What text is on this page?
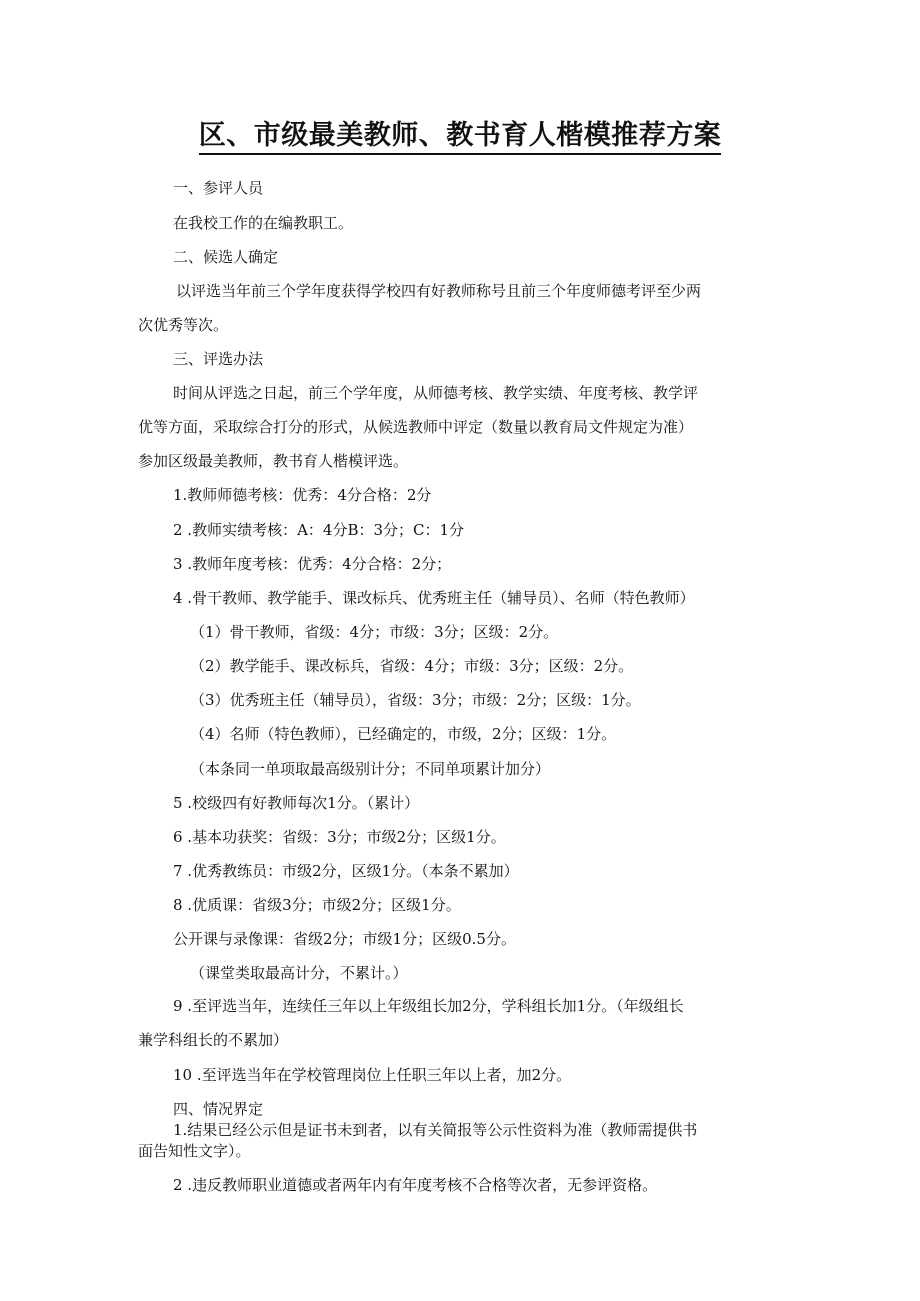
区、市级最美教师、教书育人楷模推荐方案
一、参评人员
在我校工作的在编教职工。
二、候选人确定
以评选当年前三个学年度获得学校四有好教师称号且前三个年度师德考评至少两
次优秀等次。
三、评选办法
时间从评选之日起，前三个学年度，从师德考核、教学实绩、年度考核、教学评
优等方面，采取综合打分的形式，从候选教师中评定（数量以教育局文件规定为准）
参加区级最美教师，教书育人楷模评选。
1.教师师德考核：优秀：4分合格：2分
2 .教师实绩考核：A：4分B：3分；C：1分
3 .教师年度考核：优秀：4分合格：2分；
4 .骨干教师、教学能手、课改标兵、优秀班主任（辅导员）、名师（特色教师）
（1）骨干教师，省级：4分；市级：3分；区级：2分。
（2）教学能手、课改标兵，省级：4分；市级：3分；区级：2分。
（3）优秀班主任（辅导员），省级：3分；市级：2分；区级：1分。
（4）名师（特色教师），已经确定的，市级，2分；区级：1分。
（本条同一单项取最高级别计分；不同单项累计加分）
5 .校级四有好教师每次1分。（累计）
6 .基本功获奖：省级：3分；市级2分；区级1分。
7 .优秀教练员：市级2分，区级1分。（本条不累加）
8 .优质课：省级3分；市级2分；区级1分。
公开课与录像课：省级2分；市级1分；区级0.5分。
（课堂类取最高计分，不累计。）
9 .至评选当年，连续任三年以上年级组长加2分，学科组长加1分。（年级组长
兼学科组长的不累加）
10 .至评选当年在学校管理岗位上任职三年以上者，加2分。
四、情况界定
1.结果已经公示但是证书未到者，以有关简报等公示性资料为准（教师需提供书
面告知性文字）。
2 .违反教师职业道德或者两年内有年度考核不合格等次者，无参评资格。
